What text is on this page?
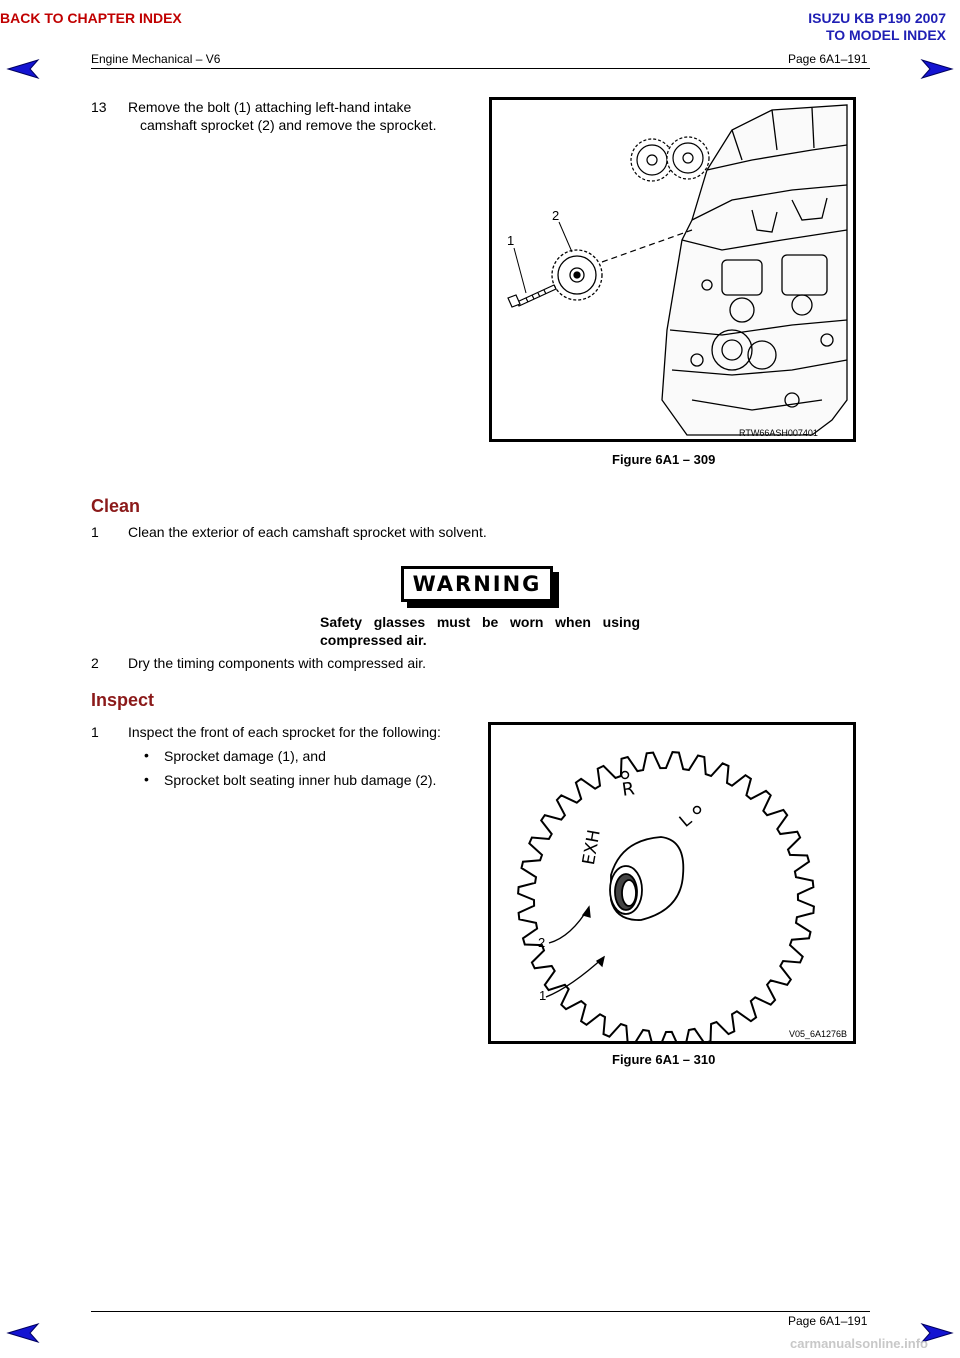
BACK TO CHAPTER INDEX	ISUZU KB P190 2007
TO MODEL INDEX
Engine Mechanical – V6	Page 6A1–191
13 Remove the bolt (1) attaching left-hand intake
camshaft sprocket (2) and remove the sprocket.
1
2
RTW66ASH007401
Figure 6A1 – 309
Clean
1 Clean the exterior of each camshaft sprocket with solvent.
WARNING
Safety glasses must be worn when using
compressed air.
2 Dry the timing components with compressed air.
Inspect
1 Inspect the front of each sprocket for the following:
• Sprocket damage (1), and
• Sprocket bolt seating inner hub damage (2).	R
L
EXH
2
1
V05_6A1276B
Figure 6A1 – 310
Page 6A1–191
carmanualsonline.info
